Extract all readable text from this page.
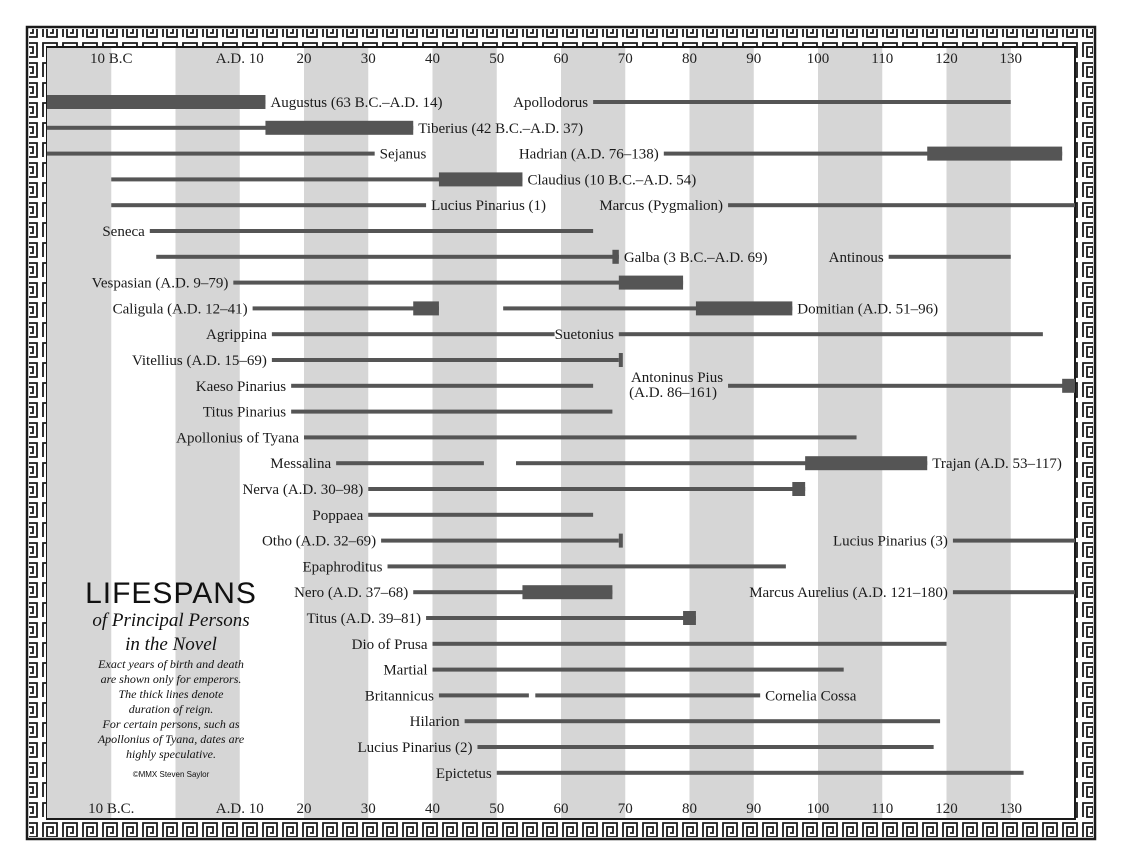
10 B.C	A.D. 10 20	30	40	50	60	70	80	90	100	110	120	130
10 B.C.	A.D. 10 20	30	40	50	60	70	80	90	100	110	120	130
Augustus (63 B.C.–A.D. 14)	Apollodorus
Tiberius (42 B.C.–A.D. 37)
Sejanus	Hadrian (A.D. 76–138)
Claudius (10 B.C.–A.D. 54)
Lucius Pinarius (1)	Marcus (Pygmalion)
Seneca
Galba (3 B.C.–A.D. 69)	Antinous
Vespasian (A.D. 9–79)
Caligula (A.D. 12–41)	Domitian (A.D. 51–96)
Agrippina	Suetonius
Vitellius (A.D. 15–69)
Kaeso Pinarius
Antoninus Pius
(A.D. 86–161)
Titus Pinarius
Apollonius of Tyana
Messalina	Trajan (A.D. 53–117)
Nerva (A.D. 30–98)
Poppaea
Otho (A.D. 32–69)	Lucius Pinarius (3)
Epaphroditus
Nero (A.D. 37–68)	Marcus Aurelius (A.D. 121–180)
Titus (A.D. 39–81)
Dio of Prusa
Martial
Britannicus	Cornelia Cossa
Hilarion
Lucius Pinarius (2)
Epictetus
LIFESPANS
of Principal Persons
in the Novel
Exact years of birth and death
are shown only for emperors.
The thick lines denote
duration of reign.
For certain persons, such as
Apollonius of Tyana, dates are
highly speculative.
©MMX Steven Saylor
